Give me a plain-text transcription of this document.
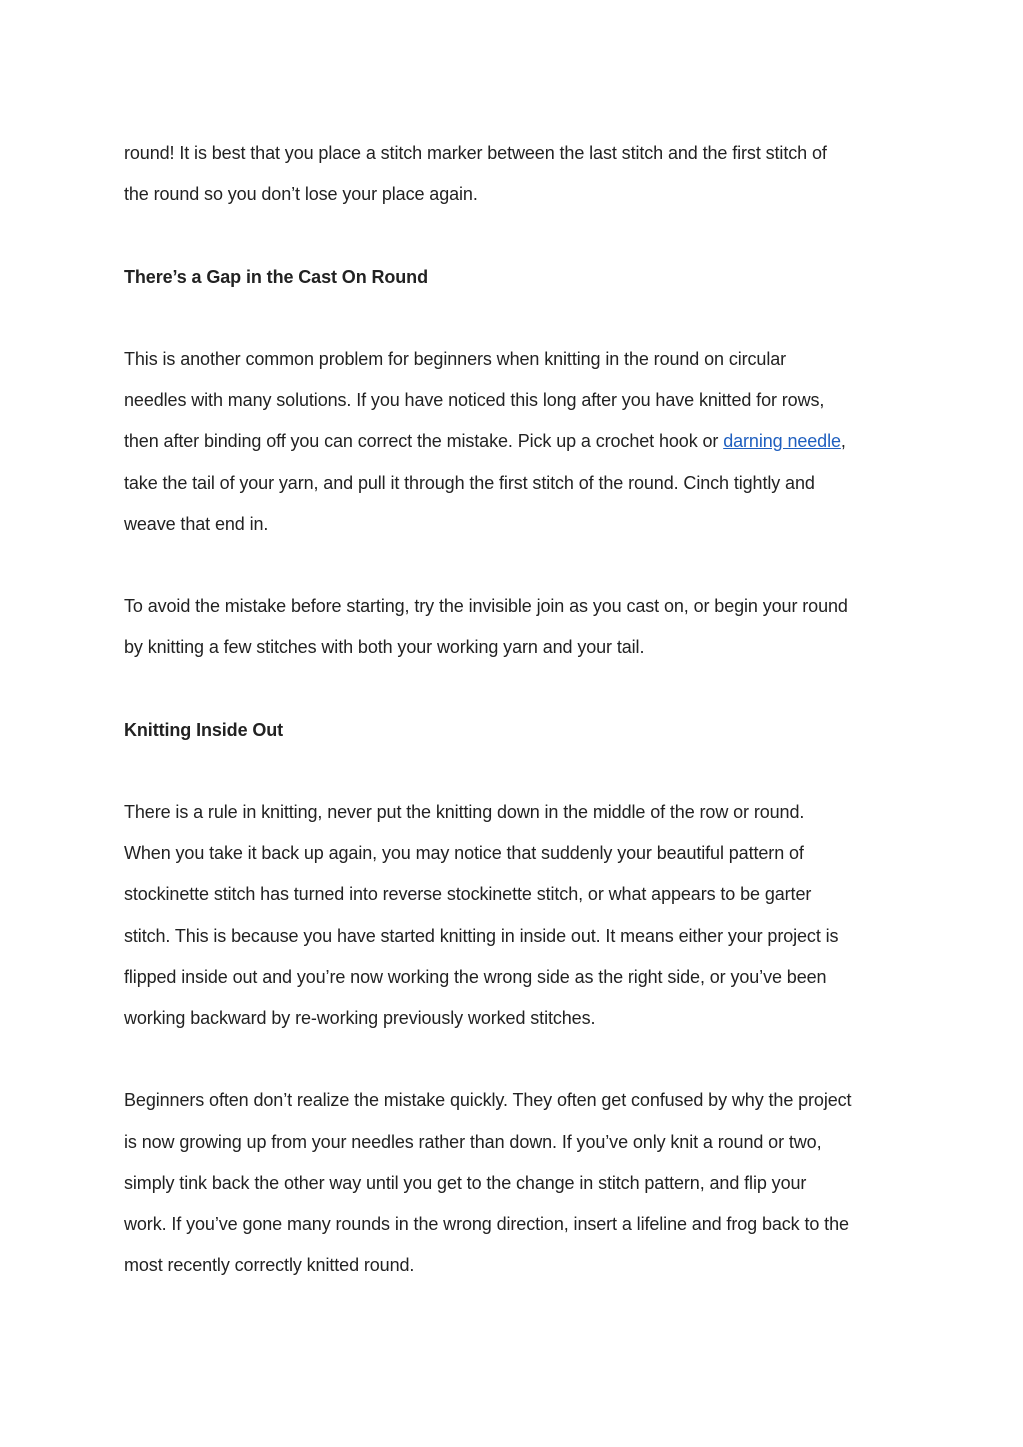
round! It is best that you place a stitch marker between the last stitch and the first stitch of
the round so you don’t lose your place again.
There’s a Gap in the Cast On Round
This is another common problem for beginners when knitting in the round on circular
needles with many solutions. If you have noticed this long after you have knitted for rows,
then after binding off you can correct the mistake. Pick up a crochet hook or darning needle,
take the tail of your yarn, and pull it through the first stitch of the round. Cinch tightly and
weave that end in.
To avoid the mistake before starting, try the invisible join as you cast on, or begin your round
by knitting a few stitches with both your working yarn and your tail.
Knitting Inside Out
There is a rule in knitting, never put the knitting down in the middle of the row or round.
When you take it back up again, you may notice that suddenly your beautiful pattern of
stockinette stitch has turned into reverse stockinette stitch, or what appears to be garter
stitch. This is because you have started knitting in inside out. It means either your project is
flipped inside out and you’re now working the wrong side as the right side, or you’ve been
working backward by re-working previously worked stitches.
Beginners often don’t realize the mistake quickly. They often get confused by why the project
is now growing up from your needles rather than down. If you’ve only knit a round or two,
simply tink back the other way until you get to the change in stitch pattern, and flip your
work. If you’ve gone many rounds in the wrong direction, insert a lifeline and frog back to the
most recently correctly knitted round.
